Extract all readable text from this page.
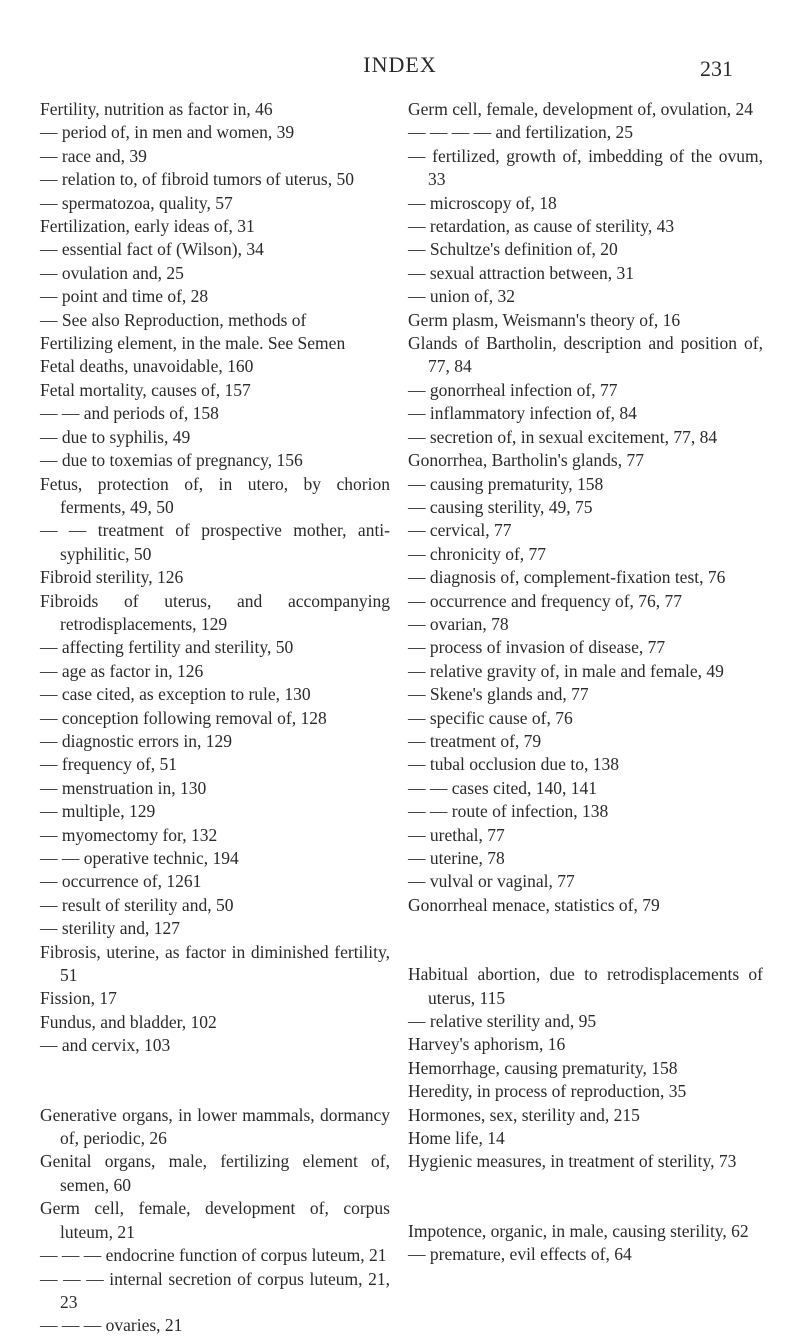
INDEX	231
Fertility, nutrition as factor in, 46
— period of, in men and women, 39
— race and, 39
— relation to, of fibroid tumors of uterus, 50
— spermatozoa, quality, 57
Fertilization, early ideas of, 31
— essential fact of (Wilson), 34
— ovulation and, 25
— point and time of, 28
— See also Reproduction, methods of
Fertilizing element, in the male. See Semen
Fetal deaths, unavoidable, 160
Fetal mortality, causes of, 157
— — and periods of, 158
— due to syphilis, 49
— due to toxemias of pregnancy, 156
Fetus, protection of, in utero, by chorion ferments, 49, 50
— — treatment of prospective mother, anti-syphilitic, 50
Fibroid sterility, 126
Fibroids of uterus, and accompanying retrodisplacements, 129
— affecting fertility and sterility, 50
— age as factor in, 126
— case cited, as exception to rule, 130
— conception following removal of, 128
— diagnostic errors in, 129
— frequency of, 51
— menstruation in, 130
— multiple, 129
— myomectomy for, 132
— — operative technic, 194
— occurrence of, 1261
— result of sterility and, 50
— sterility and, 127
Fibrosis, uterine, as factor in diminished fertility, 51
Fission, 17
Fundus, and bladder, 102
— and cervix, 103
Generative organs, in lower mammals, dormancy of, periodic, 26
Genital organs, male, fertilizing element of, semen, 60
Germ cell, female, development of, corpus luteum, 21
— — — endocrine function of corpus luteum, 21
— — — internal secretion of corpus luteum, 21, 23
— — — ovaries, 21
Germ cell, female, development of, ovulation, 24
— — — — and fertilization, 25
— fertilized, growth of, imbedding of the ovum, 33
— microscopy of, 18
— retardation, as cause of sterility, 43
— Schultze's definition of, 20
— sexual attraction between, 31
— union of, 32
Germ plasm, Weismann's theory of, 16
Glands of Bartholin, description and position of, 77, 84
— gonorrheal infection of, 77
— inflammatory infection of, 84
— secretion of, in sexual excitement, 77, 84
Gonorrhea, Bartholin's glands, 77
— causing prematurity, 158
— causing sterility, 49, 75
— cervical, 77
— chronicity of, 77
— diagnosis of, complement-fixation test, 76
— occurrence and frequency of, 76, 77
— ovarian, 78
— process of invasion of disease, 77
— relative gravity of, in male and female, 49
— Skene's glands and, 77
— specific cause of, 76
— treatment of, 79
— tubal occlusion due to, 138
— — cases cited, 140, 141
— — route of infection, 138
— urethal, 77
— uterine, 78
— vulval or vaginal, 77
Gonorrheal menace, statistics of, 79
Habitual abortion, due to retrodisplacements of uterus, 115
— relative sterility and, 95
Harvey's aphorism, 16
Hemorrhage, causing prematurity, 158
Heredity, in process of reproduction, 35
Hormones, sex, sterility and, 215
Home life, 14
Hygienic measures, in treatment of sterility, 73
Impotence, organic, in male, causing sterility, 62
— premature, evil effects of, 64
